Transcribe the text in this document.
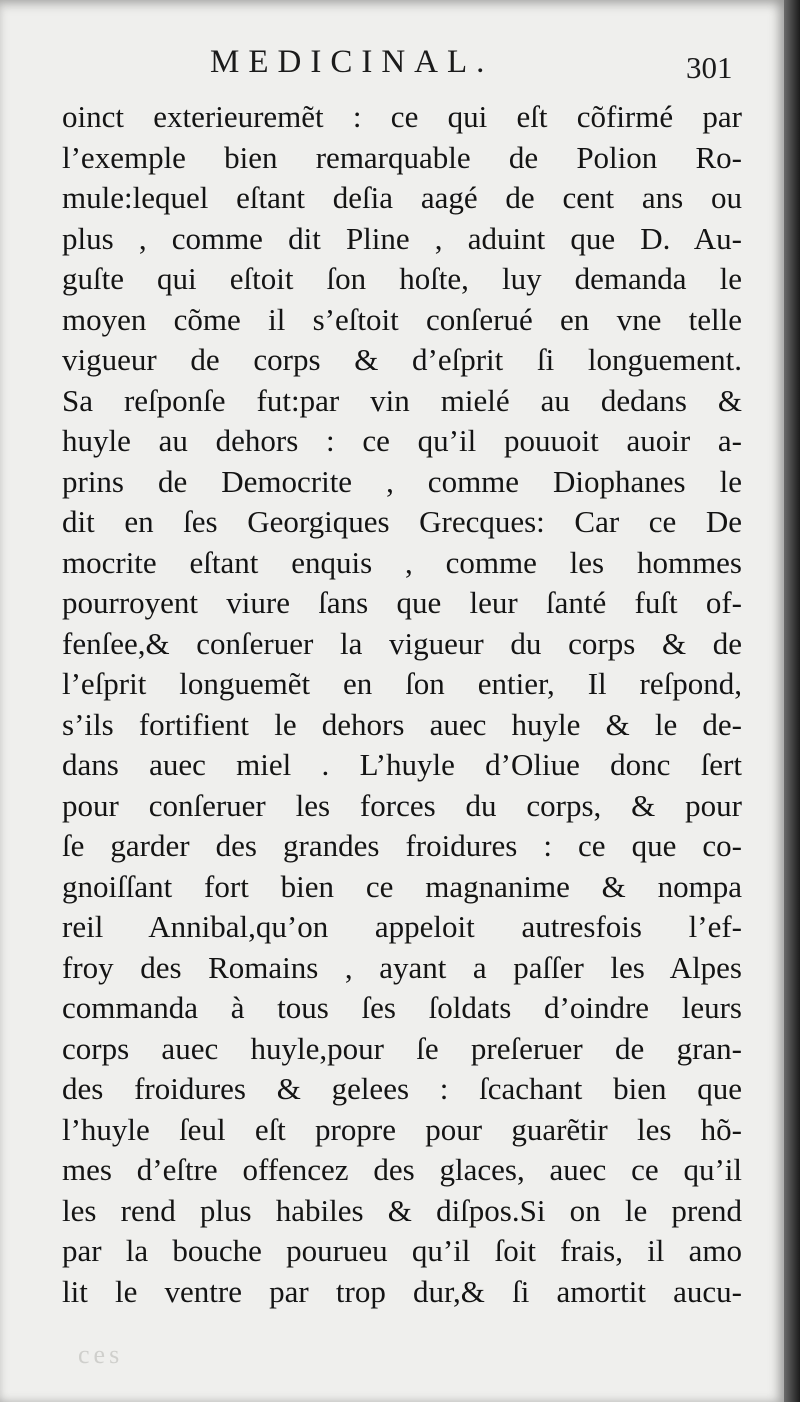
MEDICINAL.	301
oinct exterieuremẽt : ce qui eſt cõfirmé par
l’exemple bien remarquable de Polion Ro-
mule:lequel eſtant deſia aagé de cent ans ou
plus , comme dit Pline , aduint que D. Au-
guſte qui eſtoit ſon hoſte, luy demanda le
moyen cõme il s’eſtoit conſerué en vne telle
vigueur de corps & d’eſprit ſi longuement.
Sa reſponſe fut:par vin mielé au dedans &
huyle au dehors : ce qu’il pouuoit auoir a-
prins de Democrite , comme Diophanes le
dit en ſes Georgiques Grecques: Car ce De
mocrite eſtant enquis , comme les hommes
pourroyent viure ſans que leur ſanté fuſt of-
fenſee,& conſeruer la vigueur du corps & de
l’eſprit longuemẽt en ſon entier, Il reſpond,
s’ils fortifient le dehors auec huyle & le de-
dans auec miel . L’huyle d’Oliue donc ſert
pour conſeruer les forces du corps, & pour
ſe garder des grandes froidures : ce que co-
gnoiſſant fort bien ce magnanime & nompa
reil Annibal,qu’on appeloit autresfois l’ef-
froy des Romains , ayant a paſſer les Alpes
commanda à tous ſes ſoldats d’oindre leurs
corps auec huyle,pour ſe preſeruer de gran-
des froidures & gelees : ſcachant bien que
l’huyle ſeul eſt propre pour guarẽtir les hõ-
mes d’eſtre offencez des glaces, auec ce qu’il
les rend plus habiles & diſpos.Si on le prend
par la bouche pourueu qu’il ſoit frais, il amo
lit le ventre par trop dur,& ſi amortit aucu-
ces
